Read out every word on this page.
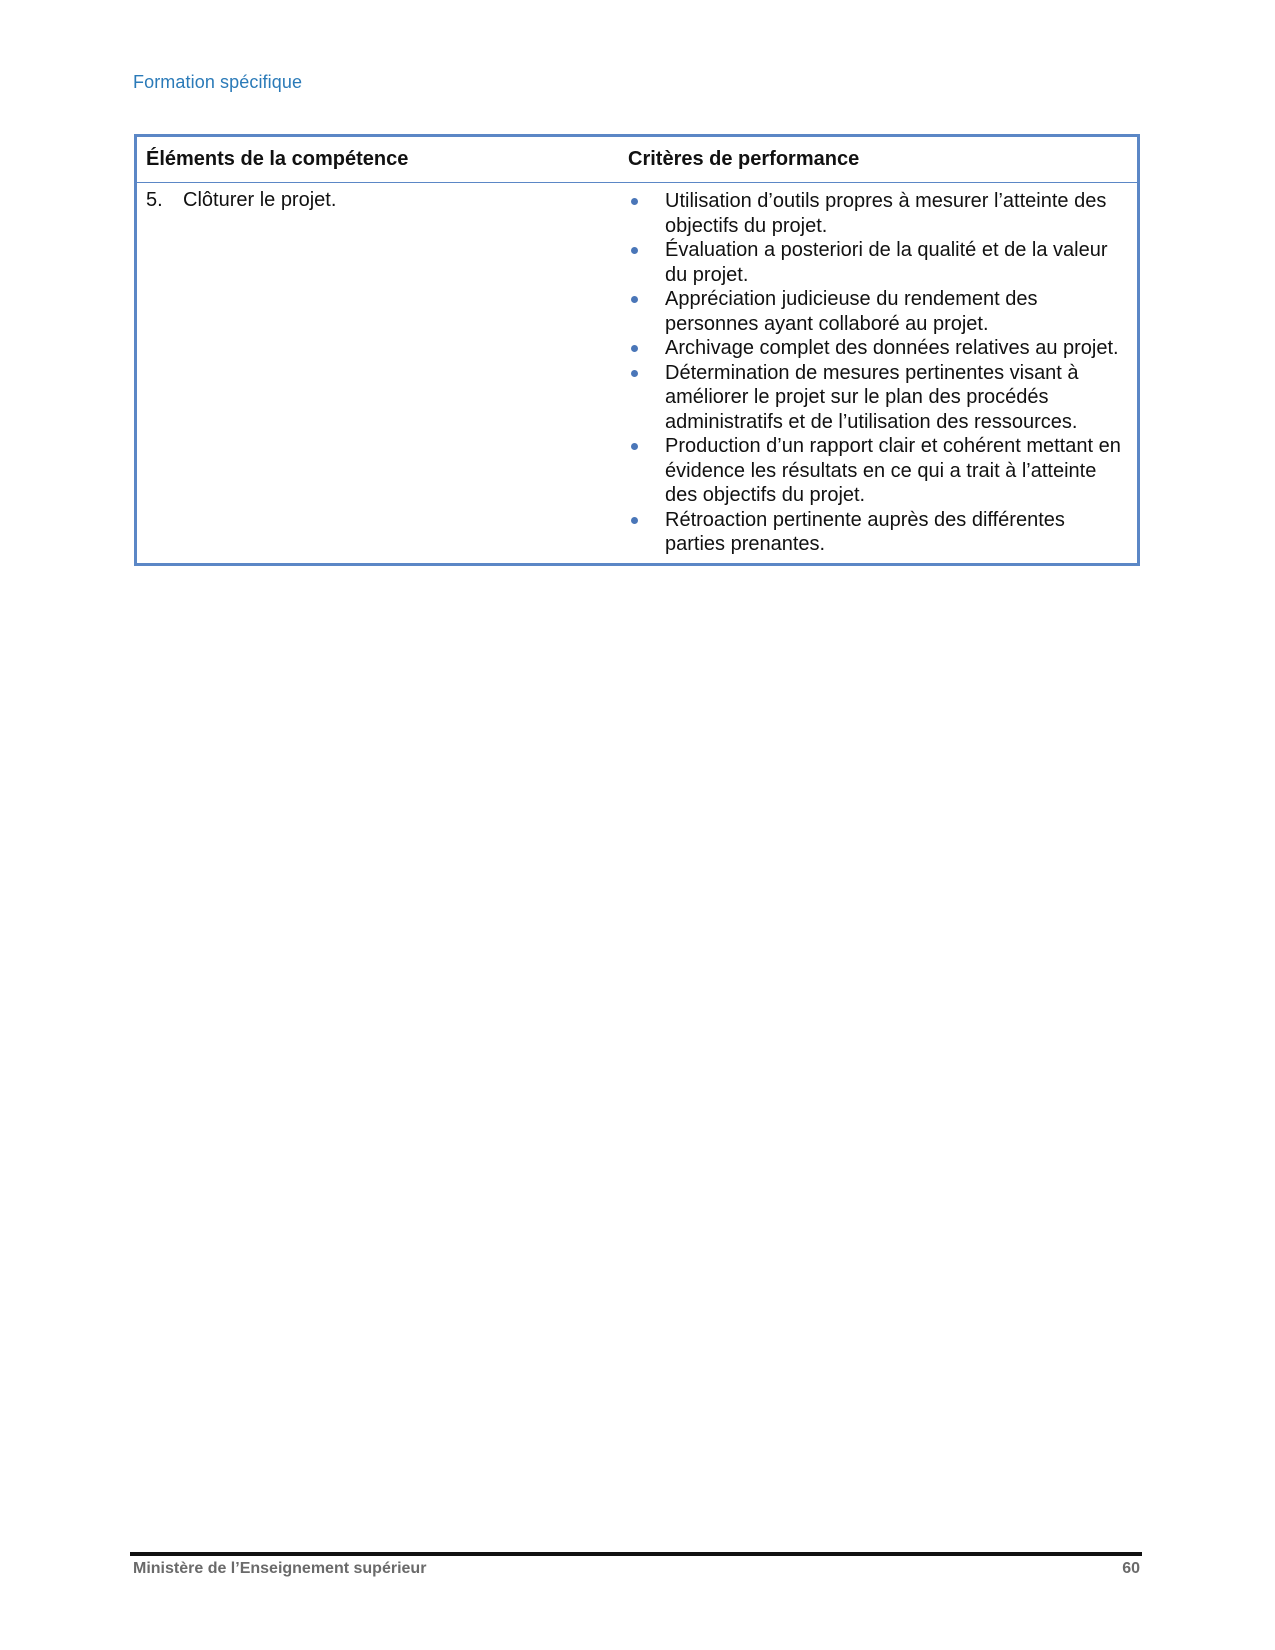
Formation spécifique
Éléments de la compétence	Critères de performance
5.	Clôturer le projet.	Utilisation d’outils propres à mesurer l’atteinte des objectifs du projet.
Évaluation a posteriori de la qualité et de la valeur du projet.
Appréciation judicieuse du rendement des personnes ayant collaboré au projet.
Archivage complet des données relatives au projet.
Détermination de mesures pertinentes visant à améliorer le projet sur le plan des procédés administratifs et de l’utilisation des ressources.
Production d’un rapport clair et cohérent mettant en évidence les résultats en ce qui a trait à l’atteinte des objectifs du projet.
Rétroaction pertinente auprès des différentes parties prenantes.
Ministère de l’Enseignement supérieur	60
